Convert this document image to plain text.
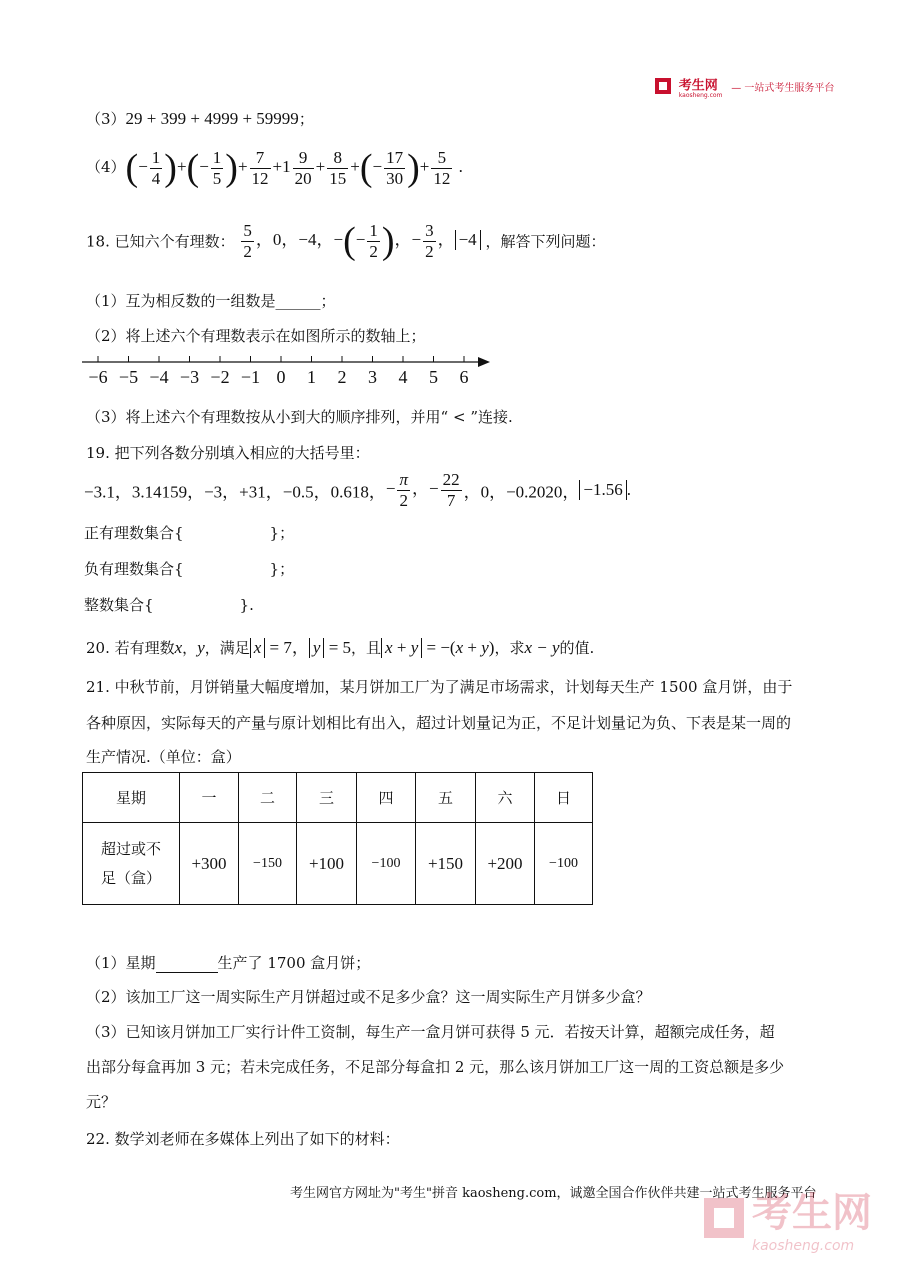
考生网
kaosheng.com
— 一站式考生服务平台
（3）29 + 399 + 4999 + 59999；
$(4)(- \frac{1}{4}$ )+(− $\frac{1}{5}$ )+ $\frac{7}{12} +1 \frac{9}{20} + \frac{8}{15}$ +(− $\frac{17}{30}$ )+ $\frac{5}{12}$ .
18. 已知六个有理数： $\frac{5}{2}$ ，0，−4，−(− $\frac{1}{2}$ )，− $\frac{3}{2}$ ， −4 ，解答下列问题：
（1）互为相反数的一组数是______；
（2）将上述六个有理数表示在如图所示的数轴上；
−6 −5 −4 −3 −2 −1 0	1	2	3	4	5	6
（3）将上述六个有理数按从小到大的顺序排列，并用“ < ”连接.
19. 把下列各数分别填入相应的大括号里：
−3.1，3.14159，−3，+31，−0.5，0.618，− $\frac{\pi}{2}$ ，− $\frac{22}{7}$ ，0，−0.2020， −1.56 .
正有理数集合{	}；
负有理数集合{	}；
整数集合{	}.
20. 若有理数x，y，满足 x = 7， y = 5，且 x + y = −(x + y)，求x − y的值.
21. 中秋节前，月饼销量大幅度增加，某月饼加工厂为了满足市场需求，计划每天生产 1500 盒月饼，由于
各种原因，实际每天的产量与原计划相比有出入，超过计划量记为正，不足计划量记为负、下表是某一周的
生产情况.（单位：盒）
星期	一	二	三	四	五	六	日
超过或不
足（盒）	+300	−150	+100	−100	+150	+200	−100
（1）星期	生产了 1700 盒月饼；
（2）该加工厂这一周实际生产月饼超过或不足多少盒？这一周实际生产月饼多少盒？
（3）已知该月饼加工厂实行计件工资制，每生产一盒月饼可获得 5 元．若按天计算，超额完成任务，超
出部分每盒再加 3 元；若未完成任务，不足部分每盒扣 2 元，那么该月饼加工厂这一周的工资总额是多少
元？
22. 数学刘老师在多媒体上列出了如下的材料：
考生网官方网址为"考生"拼音 kaosheng.com，诚邀全国合作伙伴共建一站式考生服务平台
考生网
kaosheng.com
